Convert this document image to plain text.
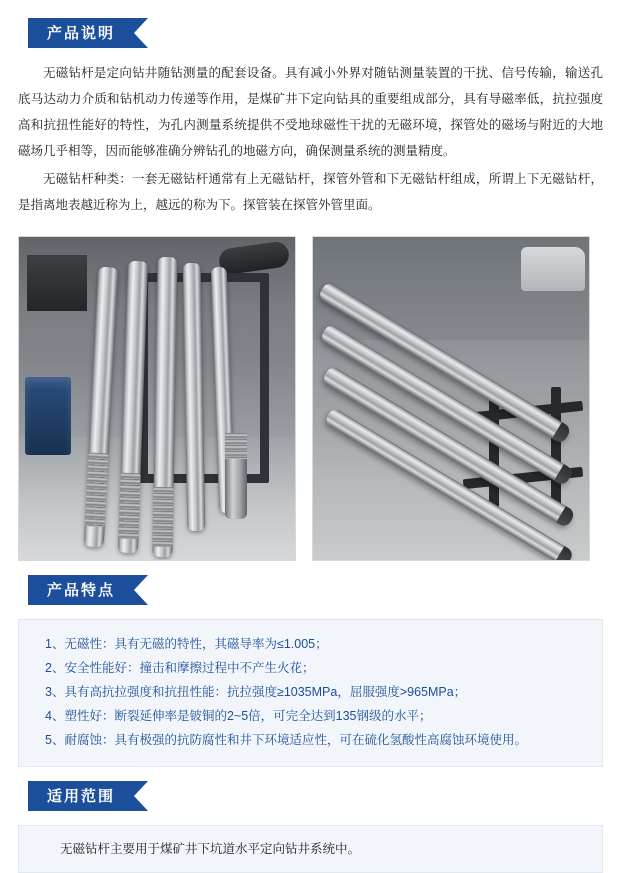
产品说明

无磁钻杆是定向钻井随钻测量的配套设备。具有减小外界对随钻测量装置的干扰、信号传输，输送孔底马达动力介质和钻机动力传递等作用，是煤矿井下定向钻具的重要组成部分，具有导磁率低，抗拉强度高和抗扭性能好的特性，为孔内测量系统提供不受地球磁性干扰的无磁环境，探管处的磁场与附近的大地磁场几乎相等，因而能够准确分辨钻孔的地磁方向，确保测量系统的测量精度。

无磁钻杆种类：一套无磁钻杆通常有上无磁钻杆，探管外管和下无磁钻杆组成，所谓上下无磁钻杆，是指离地表越近称为上，越远的称为下。探管装在探管外管里面。

产品特点
1、无磁性：具有无磁的特性，其磁导率为≤1.005；
2、安全性能好：撞击和摩擦过程中不产生火花；
3、具有高抗拉强度和抗扭性能：抗拉强度≥1035MPa，屈服强度>965MPa；
4、塑性好：断裂延伸率是铍铜的2~5倍，可完全达到135钢级的水平；
5、耐腐蚀：具有极强的抗防腐性和井下环境适应性，可在硫化氢酸性高腐蚀环境使用。
适用范围
无磁钻杆主要用于煤矿井下坑道水平定向钻井系统中。
